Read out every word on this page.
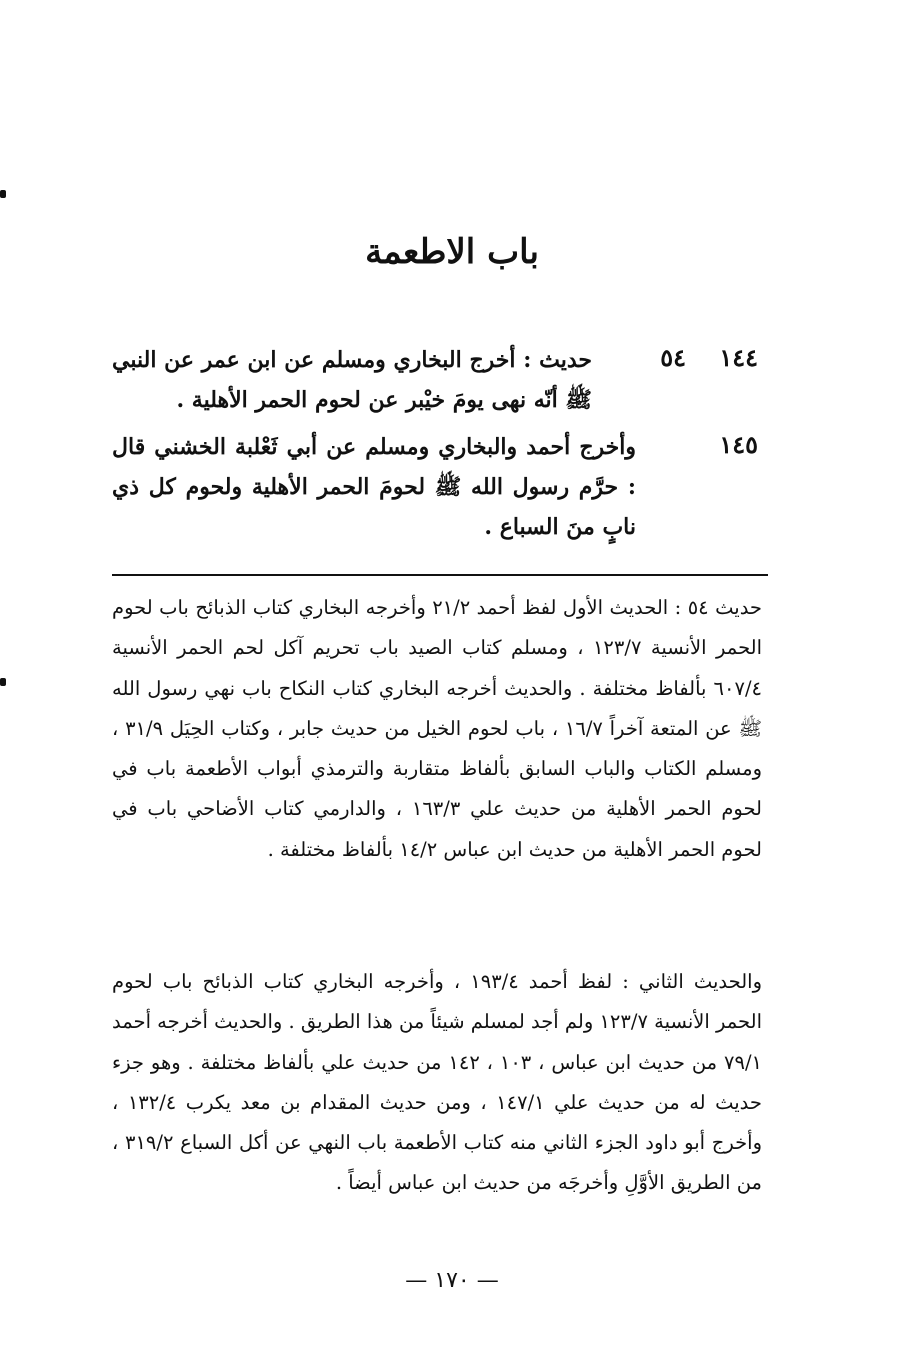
باب الاطعمة
١٤٤
٥٤
حديث : أخرج البخاري ومسلم عن ابن عمر عن النبي ﷺ أنّه نهى يومَ خيْبر عن لحوم الحمر الأهلية .
١٤٥
وأخرج أحمد والبخاري ومسلم عن أبي ثَعْلبة الخشني قال : حرَّم رسول الله ﷺ لحومَ الحمر الأهلية ولحوم كل ذي نابٍ منَ السباع .
حديث ٥٤ : الحديث الأول لفظ أحمد ٢١/٢ وأخرجه البخاري كتاب الذبائح باب لحوم الحمر الأنسية ١٢٣/٧ ، ومسلم كتاب الصيد باب تحريم آكل لحم الحمر الأنسية ٦٠٧/٤ بألفاظ مختلفة . والحديث أخرجه البخاري كتاب النكاح باب نهي رسول الله ﷺ عن المتعة آخراً ١٦/٧ ، باب لحوم الخيل من حديث جابر ، وكتاب الحِيَل ٣١/٩ ، ومسلم الكتاب والباب السابق بألفاظ متقاربة والترمذي أبواب الأطعمة باب في لحوم الحمر الأهلية من حديث علي ١٦٣/٣ ، والدارمي كتاب الأضاحي باب في لحوم الحمر الأهلية من حديث ابن عباس ١٤/٢ بألفاظ مختلفة .
والحديث الثاني : لفظ أحمد ١٩٣/٤ ، وأخرجه البخاري كتاب الذبائح باب لحوم الحمر الأنسية ١٢٣/٧ ولم أجد لمسلم شيئاً من هذا الطريق . والحديث أخرجه أحمد ٧٩/١ من حديث ابن عباس ، ١٠٣ ، ١٤٢ من حديث علي بألفاظ مختلفة . وهو جزء حديث له من حديث علي ١٤٧/١ ، ومن حديث المقدام بن معد يكرب ١٣٢/٤ ، وأخرج أبو داود الجزء الثاني منه كتاب الأطعمة باب النهي عن أكل السباع ٣١٩/٢ ، من الطريق الأوَّلِ وأخرجَه من حديث ابن عباس أيضاً .
— ١٧٠ —
